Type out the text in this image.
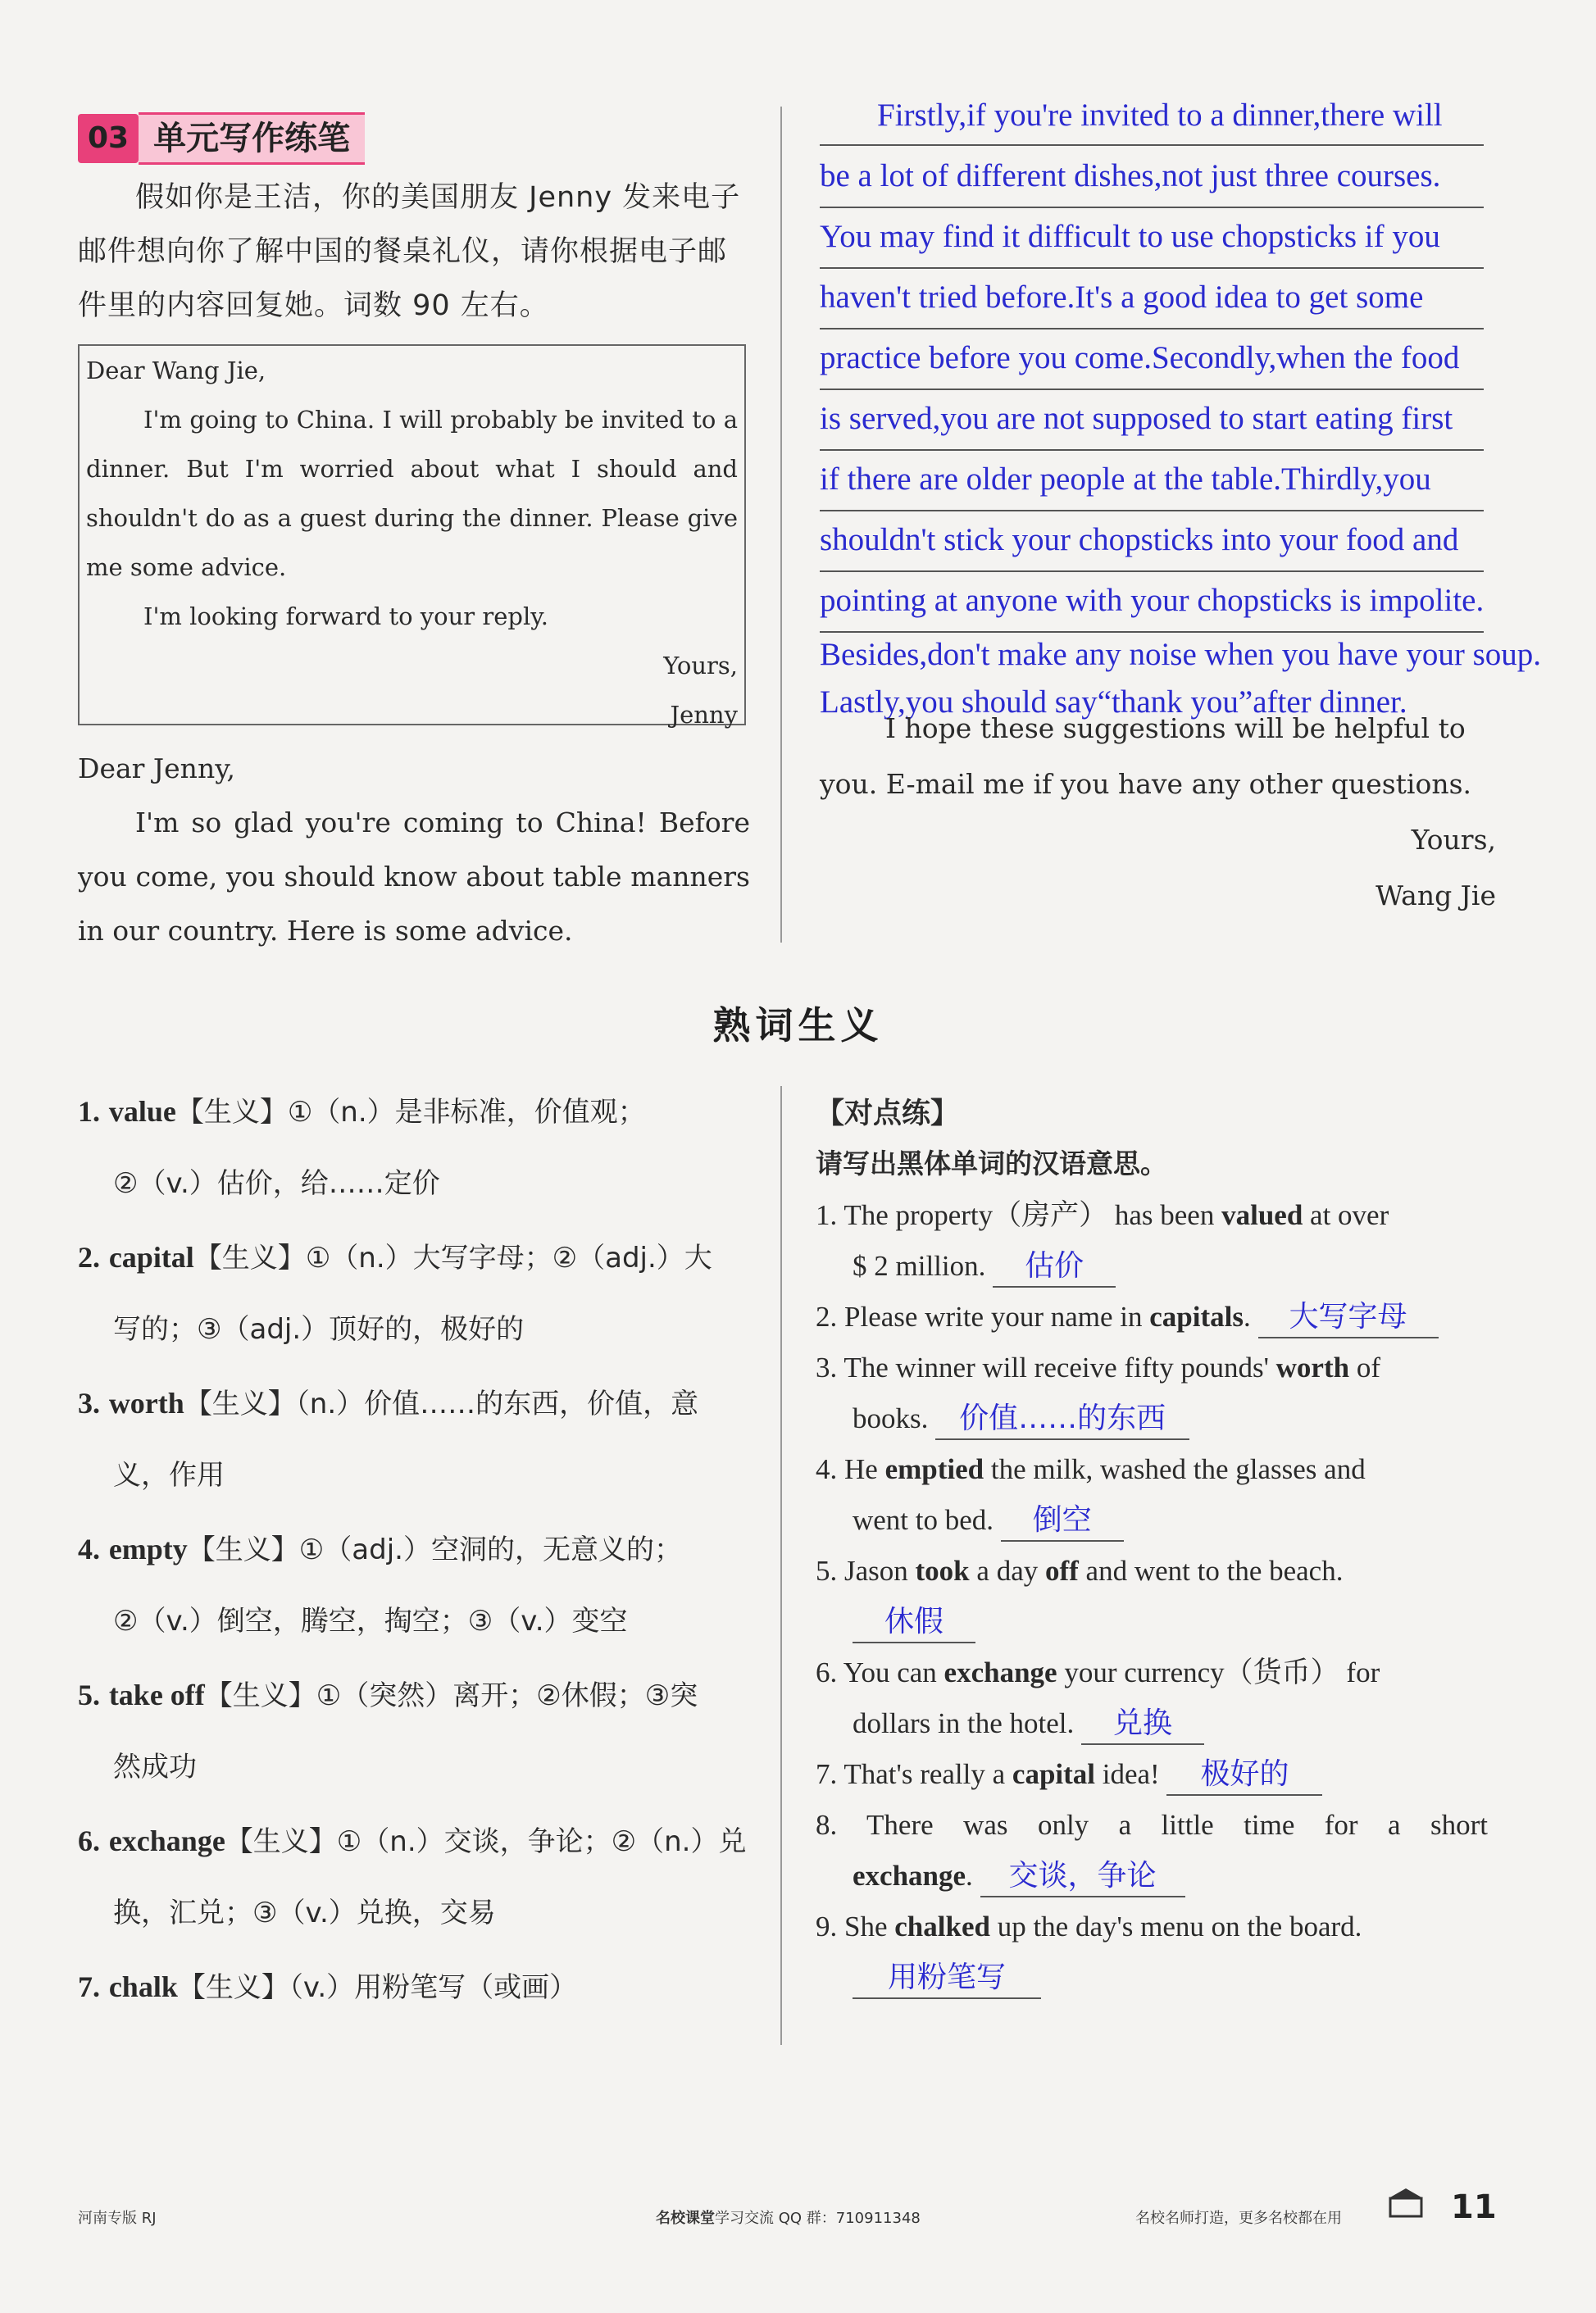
03 单元写作练笔
假如你是王洁，你的美国朋友 Jenny 发来电子邮件想向你了解中国的餐桌礼仪，请你根据电子邮件里的内容回复她。词数 90 左右。

Dear Wang Jie,

I'm going to China. I will probably be invited to a dinner. But I'm worried about what I should and shouldn't do as a guest during the dinner. Please give me some advice.

I'm looking forward to your reply.

Yours,

Jenny

Dear Jenny,

I'm so glad you're coming to China! Before you come, you should know about table manners in our country. Here is some advice.

Firstly,if you're invited to a dinner,there will
be a lot of different dishes,not just three courses.
You may find it difficult to use chopsticks if you
haven't tried before.It's a good idea to get some
practice before you come.Secondly,when the food
is served,you are not supposed to start eating first
if there are older people at the table.Thirdly,you
shouldn't stick your chopsticks into your food and
pointing at anyone with your chopsticks is impolite.
Besides,don't make any noise when you have your soup.
Lastly,you should say“thank you”after dinner.
I hope these suggestions will be helpful to
you. E-mail me if you have any other questions.
Yours,
Wang Jie
熟词生义
1. value【生义】①（n.）是非标准，价值观；
②（v.）估价，给……定价
2. capital【生义】①（n.）大写字母；②（adj.）大
写的；③（adj.）顶好的，极好的
3. worth【生义】（n.）价值……的东西，价值，意
义，作用
4. empty【生义】①（adj.）空洞的，无意义的；
②（v.）倒空，腾空，掏空；③（v.）变空
5. take off【生义】①（突然）离开；②休假；③突
然成功
6. exchange【生义】①（n.）交谈，争论；②（n.）兑
换，汇兑；③（v.）兑换，交易
7. chalk【生义】（v.）用粉笔写（或画）
【对点练】
请写出黑体单词的汉语意思。
1. The property（房产） has been valued at over
$ 2 million. 估价
2. Please write your name in capitals. 大写字母
3. The winner will receive fifty pounds' worth of
books. 价值……的东西
4. He emptied the milk, washed the glasses and
went to bed. 倒空
5. Jason took a day off and went to the beach.
休假
6. You can exchange your currency（货币） for
dollars in the hotel. 兑换
7. That's really a capital idea! 极好的
8. There was only a little time for a short
exchange. 交谈，争论
9. She chalked up the day's menu on the board.
用粉笔写
河南专版 RJ	名校课堂学习交流 QQ 群：710911348	名校名师打造，更多名校都在用	11
